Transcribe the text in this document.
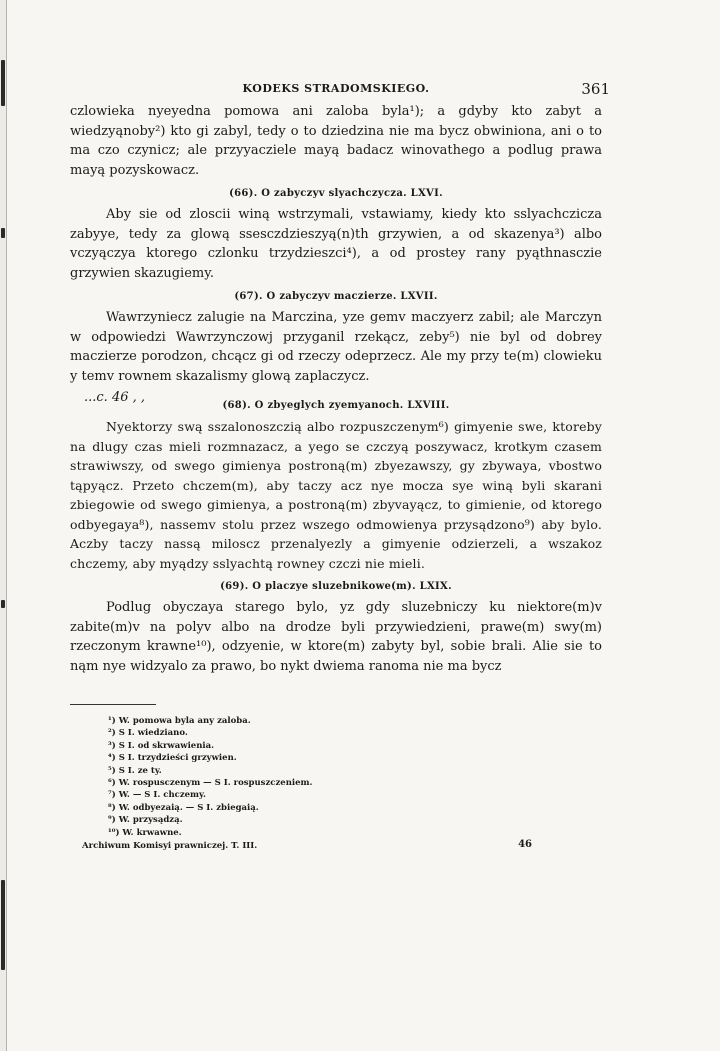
KODEKS STRADOMSKIEGO.	361

czlowieka nyeyedna pomowa ani zaloba byla¹); a gdyby kto zabyt a wiedzyąnoby²) kto gi zabyl, tedy o to dziedzina nie ma bycz obwiniona, ani o to ma czo czynicz; ale przyyacziele mayą badacz winovathego a podlug prawa mayą pozyskowacz.

(66). O zabyczyv slyachczycza. LXVI.

Aby sie od zloscii winą wstrzymali, vstawiamy, kiedy kto sslyachczicza zabyye, tedy za glową ssesczdzieszyą(n)th grzywien, a od skazenya³) albo vczyączya ktorego czlonku trzydzieszci⁴), a od prostey rany pyąthnasczie grzywien skazugiemy.

(67). O zabyczyv maczierze. LXVII.

Wawrzyniecz zalugie na Marczina, yze gemv maczyerz zabil; ale Marczyn w odpowiedzi Wawrzynczowj przyganil rzekącz, zeby⁵) nie byl od dobrey maczierze porodzon, chcącz gi od rzeczy odeprzecz. Ale my przy te(m) clowieku y temv rownem skazalismy glową zaplaczycz.

...c. 46 , ,
(68). O zbyeglych zyemyanoch. LXVIII.

Nyektorzy swą sszalonoszczią albo rozpuszczenym⁶) gimyenie swe, ktoreby na dlugy czas mieli rozmnazacz, a yego se czczyą poszywacz, krotkym czasem strawiwszy, od swego gimienya postroną(m) zbyezawszy, gy zbywaya, vbostwo tąpyącz. Przeto chczem(m), aby taczy acz nye mocza sye winą byli skarani zbiegowie od swego gimienya, a postroną(m) zbyvayącz, to gimienie, od ktorego odbyegaya⁸), nassemv stolu przez wszego odmowienya przysądzono⁹) aby bylo. Aczby taczy nassą miloscz przenalyezly a gimyenie odzierzeli, a wszakoz chczemy, aby myądzy sslyachtą rowney czczi nie mieli.

(69). O placzye sluzebnikowe(m). LXIX.

Podlug obyczaya starego bylo, yz gdy sluzebniczy ku niektore(m)v zabite(m)v na polyv albo na drodze byli przywiedzieni, prawe(m) swy(m) rzeczonym krawne¹⁰), odzyenie, w ktore(m) zabyty byl, sobie brali. Alie sie to nąm nye widzyalo za prawo, bo nykt dwiema ranoma nie ma bycz

¹) W. pomowa byla any zaloba.
²) S I. wiedziano.
³) S I. od skrwawienia.
⁴) S I. trzydzieści grzywien.
⁵) S I. ze ty.
⁶) W. rospusczenym — S I. rospuszczeniem.
⁷) W. — S I. chczemy.
⁸) W. odbyezaią. — S I. zbiegaią.
⁹) W. przysądzą.
¹⁰) W. krwawne.
Archiwum Komisyi prawniczej. T. III.	46
